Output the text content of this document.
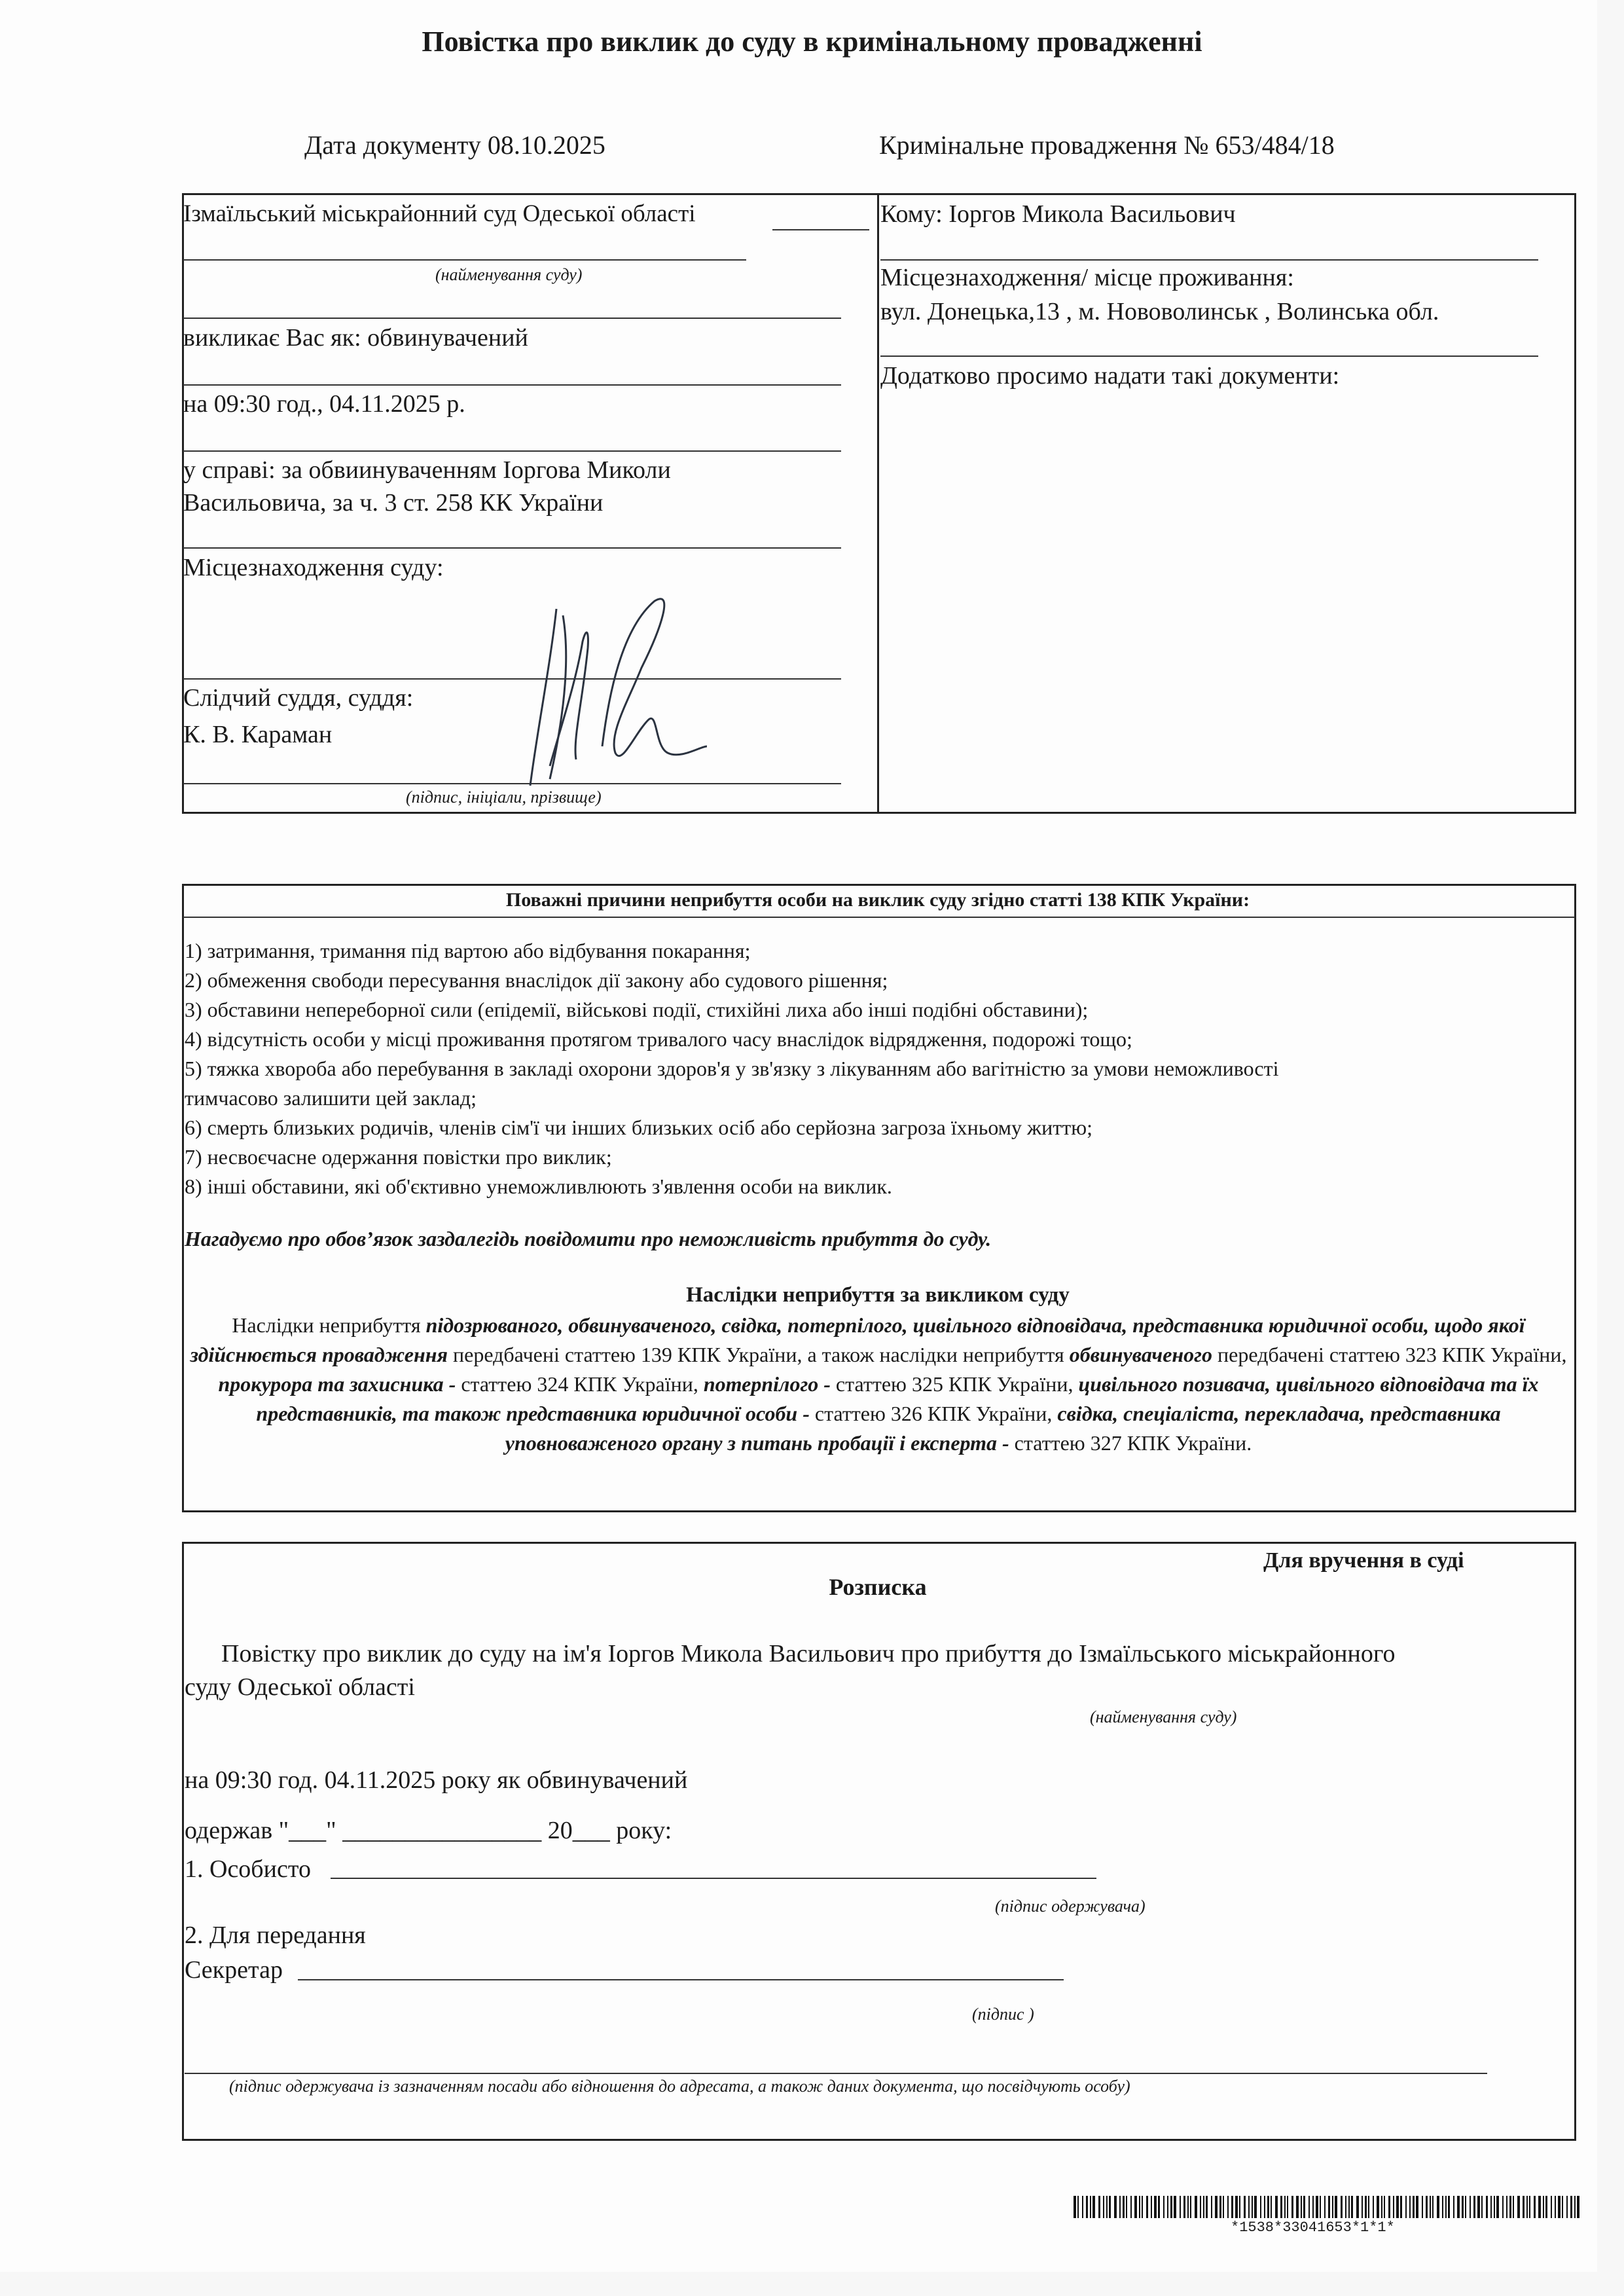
Повістка про виклик до суду в кримінальному провадженні
Дата документу 08.10.2025	Кримінальне провадження № 653/484/18
Ізмаїльський міськрайонний суд Одеської області
(найменування суду)
викликає Вас як: обвинувачений
на 09:30 год., 04.11.2025 р.
у справі: за обвиинуваченням Іоргова Миколи
Васильовича, за ч. 3 ст. 258 КК України
Місцезнаходження суду:
Слідчий суддя, суддя:
К. В. Караман
(підпис, ініціали, прізвище)
Кому: Іоргов Микола Васильович
Місцезнаходження/ місце проживання:
вул. Донецька,13 , м. Нововолинськ , Волинська обл.
Додатково просимо надати такі документи:
Поважні причини неприбуття особи на виклик суду згідно статті 138 КПК України:

1) затримання, тримання під вартою або відбування покарання;

2) обмеження свободи пересування внаслідок дії закону або судового рішення;

3) обставини непереборної сили (епідемії, військові події, стихійні лиха або інші подібні обставини);

4) відсутність особи у місці проживання протягом тривалого часу внаслідок відрядження, подорожі тощо;

5) тяжка хвороба або перебування в закладі охорони здоров'я у зв'язку з лікуванням або вагітністю за умови неможливості

тимчасово залишити цей заклад;

6) смерть близьких родичів, членів сім'ї чи інших близьких осіб або серйозна загроза їхньому життю;

7) несвоєчасне одержання повістки про виклик;

8) інші обставини, які об'єктивно унеможливлюють з'явлення особи на виклик.

Нагадуємо про обов’язок заздалегідь повідомити про неможливість прибуття до суду.
Наслідки неприбуття за викликом суду
Наслідки неприбуття підозрюваного, обвинуваченого, свідка, потерпілого, цивільного відповідача, представника юридичної особи, щодо якої здійснюється провадження передбачені статтею 139 КПК України, а також наслідки неприбуття обвинуваченого передбачені статтею 323 КПК України, прокурора та захисника - статтею 324 КПК України, потерпілого - статтею 325 КПК України, цивільного позивача, цивільного відповідача та їх представників, та також представника юридичної особи - статтею 326 КПК України, свідка, спеціаліста, перекладача, представника уповноваженого органу з питань пробації і експерта - статтею 327 КПК України.
Для вручення в суді
Розписка
Повістку про виклик до суду на ім'я Іоргов Микола Васильович про прибуття до Ізмаїльського міськрайонного
суду Одеської області
(найменування суду)
на 09:30 год. 04.11.2025 року як обвинувачений
одержав "___" ________________ 20___ року:
1. Особисто
(підпис одержувача)
2. Для передання
Секретар
(підпис )
(підпис одержувача із зазначенням посади або відношення до адресата, а також даних документа, що посвідчують особу)
*1538*33041653*1*1*
